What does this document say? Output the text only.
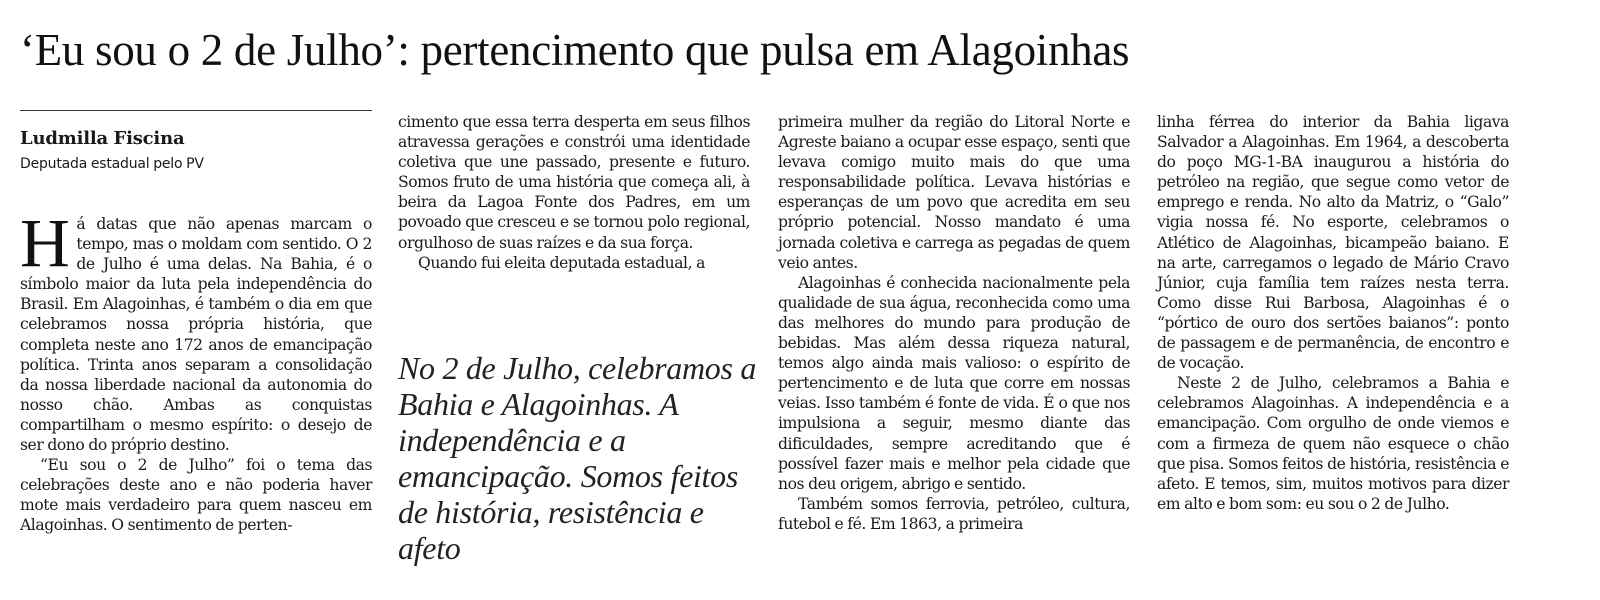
‘Eu sou o 2 de Julho’: pertencimento que pulsa em Alagoinhas
Ludmilla Fiscina
Deputada estadual pelo PV

Há datas que não apenas marcam o tempo, mas o moldam com sentido. O 2 de Julho é uma delas. Na Bahia, é o símbolo maior da luta pela independência do Brasil. Em Alagoinhas, é também o dia em que celebramos nossa própria história, que completa neste ano 172 anos de emancipação política. Trinta anos separam a consolidação da nossa liberdade nacional da autonomia do nosso chão. Ambas as conquistas compartilham o mesmo espírito: o desejo de ser dono do próprio destino.

“Eu sou o 2 de Julho” foi o tema das celebrações deste ano e não poderia haver mote mais verdadeiro para quem nasceu em Alagoinhas. O sentimento de perten-

cimento que essa terra desperta em seus filhos atravessa gerações e constrói uma identidade coletiva que une passado, presente e futuro. Somos fruto de uma história que começa ali, à beira da Lagoa Fonte dos Padres, em um povoado que cresceu e se tornou polo regional, orgulhoso de suas raízes e da sua força.

Quando fui eleita deputada estadual, a

No 2 de Julho, celebramos a Bahia e Alagoinhas. A independência e a emancipação. Somos feitos de história, resistência e afeto

primeira mulher da região do Litoral Norte e Agreste baiano a ocupar esse espaço, senti que levava comigo muito mais do que uma responsabilidade política. Levava histórias e esperanças de um povo que acredita em seu próprio potencial. Nosso mandato é uma jornada coletiva e carrega as pegadas de quem veio antes.

Alagoinhas é conhecida nacionalmente pela qualidade de sua água, reconhecida como uma das melhores do mundo para produção de bebidas. Mas além dessa riqueza natural, temos algo ainda mais valioso: o espírito de pertencimento e de luta que corre em nossas veias. Isso também é fonte de vida. É o que nos impulsiona a seguir, mesmo diante das dificuldades, sempre acreditando que é possível fazer mais e melhor pela cidade que nos deu origem, abrigo e sentido.

Também somos ferrovia, petróleo, cultura, futebol e fé. Em 1863, a primeira

linha férrea do interior da Bahia ligava Salvador a Alagoinhas. Em 1964, a descoberta do poço MG-1-BA inaugurou a história do petróleo na região, que segue como vetor de emprego e renda. No alto da Matriz, o “Galo” vigia nossa fé. No esporte, celebramos o Atlético de Alagoinhas, bicampeão baiano. E na arte, carregamos o legado de Mário Cravo Júnior, cuja família tem raízes nesta terra. Como disse Rui Barbosa, Alagoinhas é o “pórtico de ouro dos sertões baianos”: ponto de passagem e de permanência, de encontro e de vocação.

Neste 2 de Julho, celebramos a Bahia e celebramos Alagoinhas. A independência e a emancipação. Com orgulho de onde viemos e com a firmeza de quem não esquece o chão que pisa. Somos feitos de história, resistência e afeto. E temos, sim, muitos motivos para dizer em alto e bom som: eu sou o 2 de Julho.
